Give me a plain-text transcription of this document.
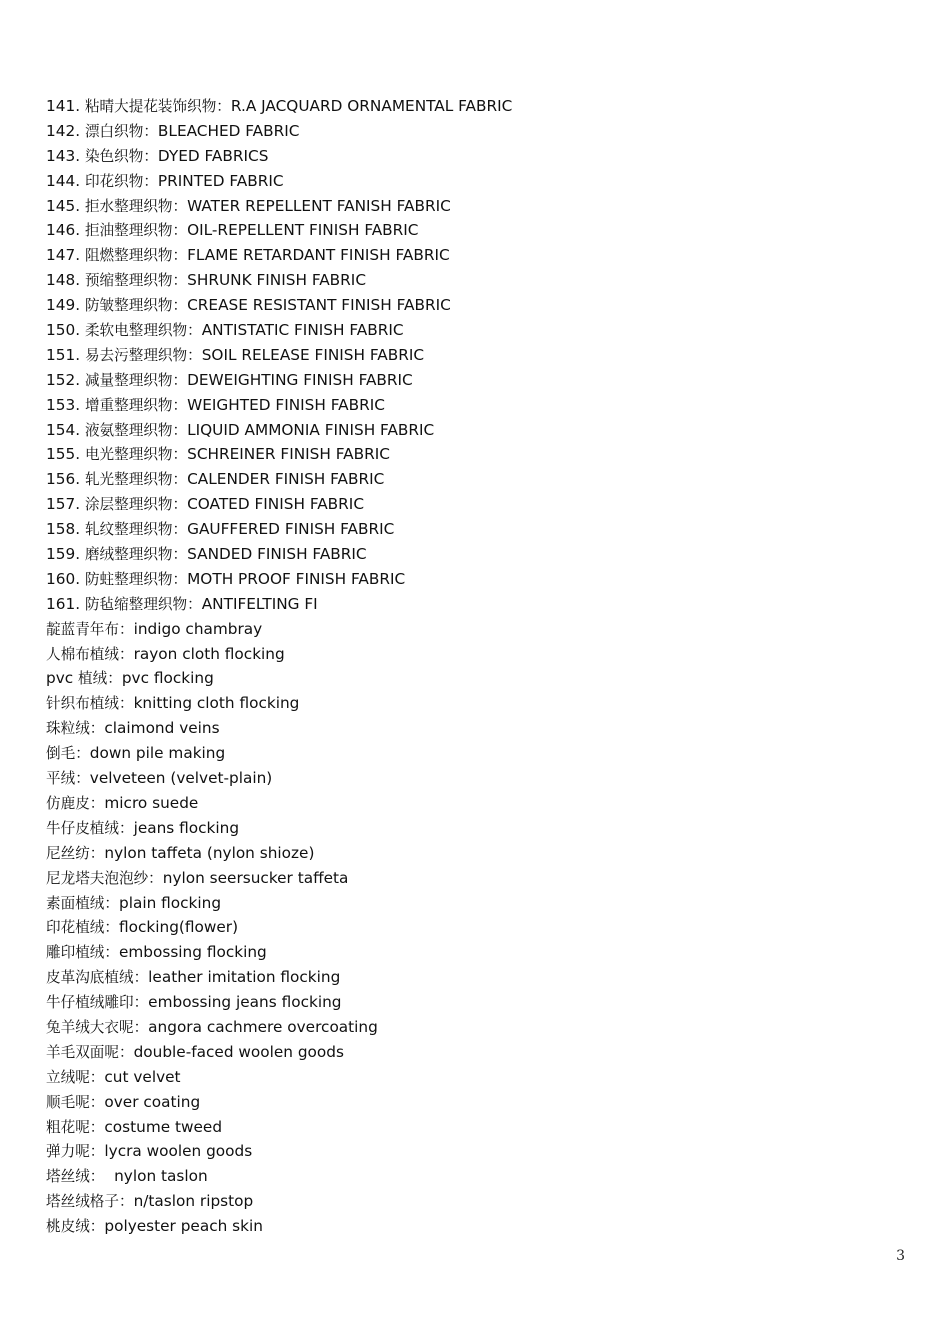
141. 粘晴大提花装饰织物：R.A JACQUARD ORNAMENTAL FABRIC
142. 漂白织物：BLEACHED FABRIC
143. 染色织物：DYED FABRICS
144. 印花织物：PRINTED FABRIC
145. 拒水整理织物：WATER REPELLENT FANISH FABRIC
146. 拒油整理织物：OIL-REPELLENT FINISH FABRIC
147. 阻燃整理织物：FLAME RETARDANT FINISH FABRIC
148. 预缩整理织物：SHRUNK FINISH FABRIC
149. 防皱整理织物：CREASE RESISTANT FINISH FABRIC
150. 柔软电整理织物：ANTISTATIC FINISH FABRIC
151. 易去污整理织物：SOIL RELEASE FINISH FABRIC
152. 减量整理织物：DEWEIGHTING FINISH FABRIC
153. 增重整理织物：WEIGHTED FINISH FABRIC
154. 液氨整理织物：LIQUID AMMONIA FINISH FABRIC
155. 电光整理织物：SCHREINER FINISH FABRIC
156. 轧光整理织物：CALENDER FINISH FABRIC
157. 涂层整理织物：COATED FINISH FABRIC
158. 轧纹整理织物：GAUFFERED FINISH FABRIC
159. 磨绒整理织物：SANDED FINISH FABRIC
160. 防蛀整理织物：MOTH PROOF FINISH FABRIC
161. 防毡缩整理织物：ANTIFELTING FI
靛蓝青年布：indigo chambray
人棉布植绒：rayon cloth flocking
pvc 植绒：pvc flocking
针织布植绒：knitting cloth flocking
珠粒绒：claimond veins
倒毛：down pile making
平绒：velveteen (velvet-plain)
仿鹿皮：micro suede
牛仔皮植绒：jeans flocking
尼丝纺：nylon taffeta (nylon shioze)
尼龙塔夫泡泡纱：nylon seersucker taffeta
素面植绒：plain flocking
印花植绒：flocking(flower)
雕印植绒：embossing flocking
皮革沟底植绒：leather imitation flocking
牛仔植绒雕印：embossing jeans flocking
兔羊绒大衣呢：angora cachmere overcoating
羊毛双面呢：double-faced woolen goods
立绒呢：cut velvet
顺毛呢：over coating
粗花呢：costume tweed
弹力呢：lycra woolen goods
塔丝绒：  nylon taslon
塔丝绒格子：n/taslon ripstop
桃皮绒：polyester peach skin
3
